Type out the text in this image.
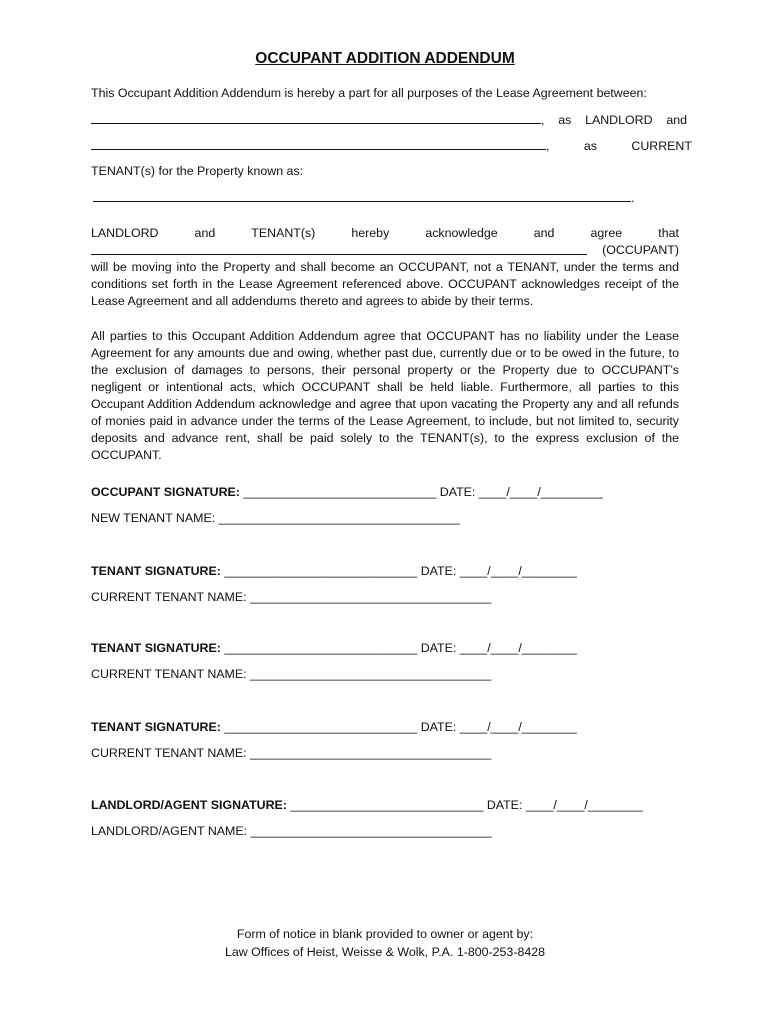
OCCUPANT ADDITION ADDENDUM
This Occupant Addition Addendum is hereby a part for all purposes of the Lease Agreement between:
,    as    LANDLORD    and
,          as          CURRENT
TENANT(s) for the Property known as:
.
LANDLORD	and	TENANT(s)	hereby	acknowledge	and	agree	that
(OCCUPANT)
will be moving into the Property and shall become an OCCUPANT, not a TENANT, under the terms and conditions set forth in the Lease Agreement referenced above. OCCUPANT acknowledges receipt of the Lease Agreement and all addendums thereto and agrees to abide by their terms.
All parties to this Occupant Addition Addendum agree that OCCUPANT has no liability under the Lease Agreement for any amounts due and owing, whether past due, currently due or to be owed in the future, to the exclusion of damages to persons, their personal property or the Property due to OCCUPANT’s negligent or intentional acts, which OCCUPANT shall be held liable. Furthermore, all parties to this Occupant Addition Addendum acknowledge and agree that upon vacating the Property any and all refunds of monies paid in advance under the terms of the Lease Agreement, to include, but not limited to, security deposits and advance rent, shall be paid solely to the TENANT(s), to the express exclusion of the OCCUPANT.
OCCUPANT SIGNATURE: ____________________________ DATE: ____/____/_________
NEW TENANT NAME: ___________________________________
TENANT SIGNATURE: ____________________________ DATE: ____/____/________
CURRENT TENANT NAME: ___________________________________
TENANT SIGNATURE: ____________________________ DATE: ____/____/________
CURRENT TENANT NAME: ___________________________________
TENANT SIGNATURE: ____________________________ DATE: ____/____/________
CURRENT TENANT NAME: ___________________________________
LANDLORD/AGENT SIGNATURE: ____________________________ DATE: ____/____/________
LANDLORD/AGENT NAME: ___________________________________
Form of notice in blank provided to owner or agent by:
Law Offices of Heist, Weisse & Wolk, P.A. 1-800-253-8428
